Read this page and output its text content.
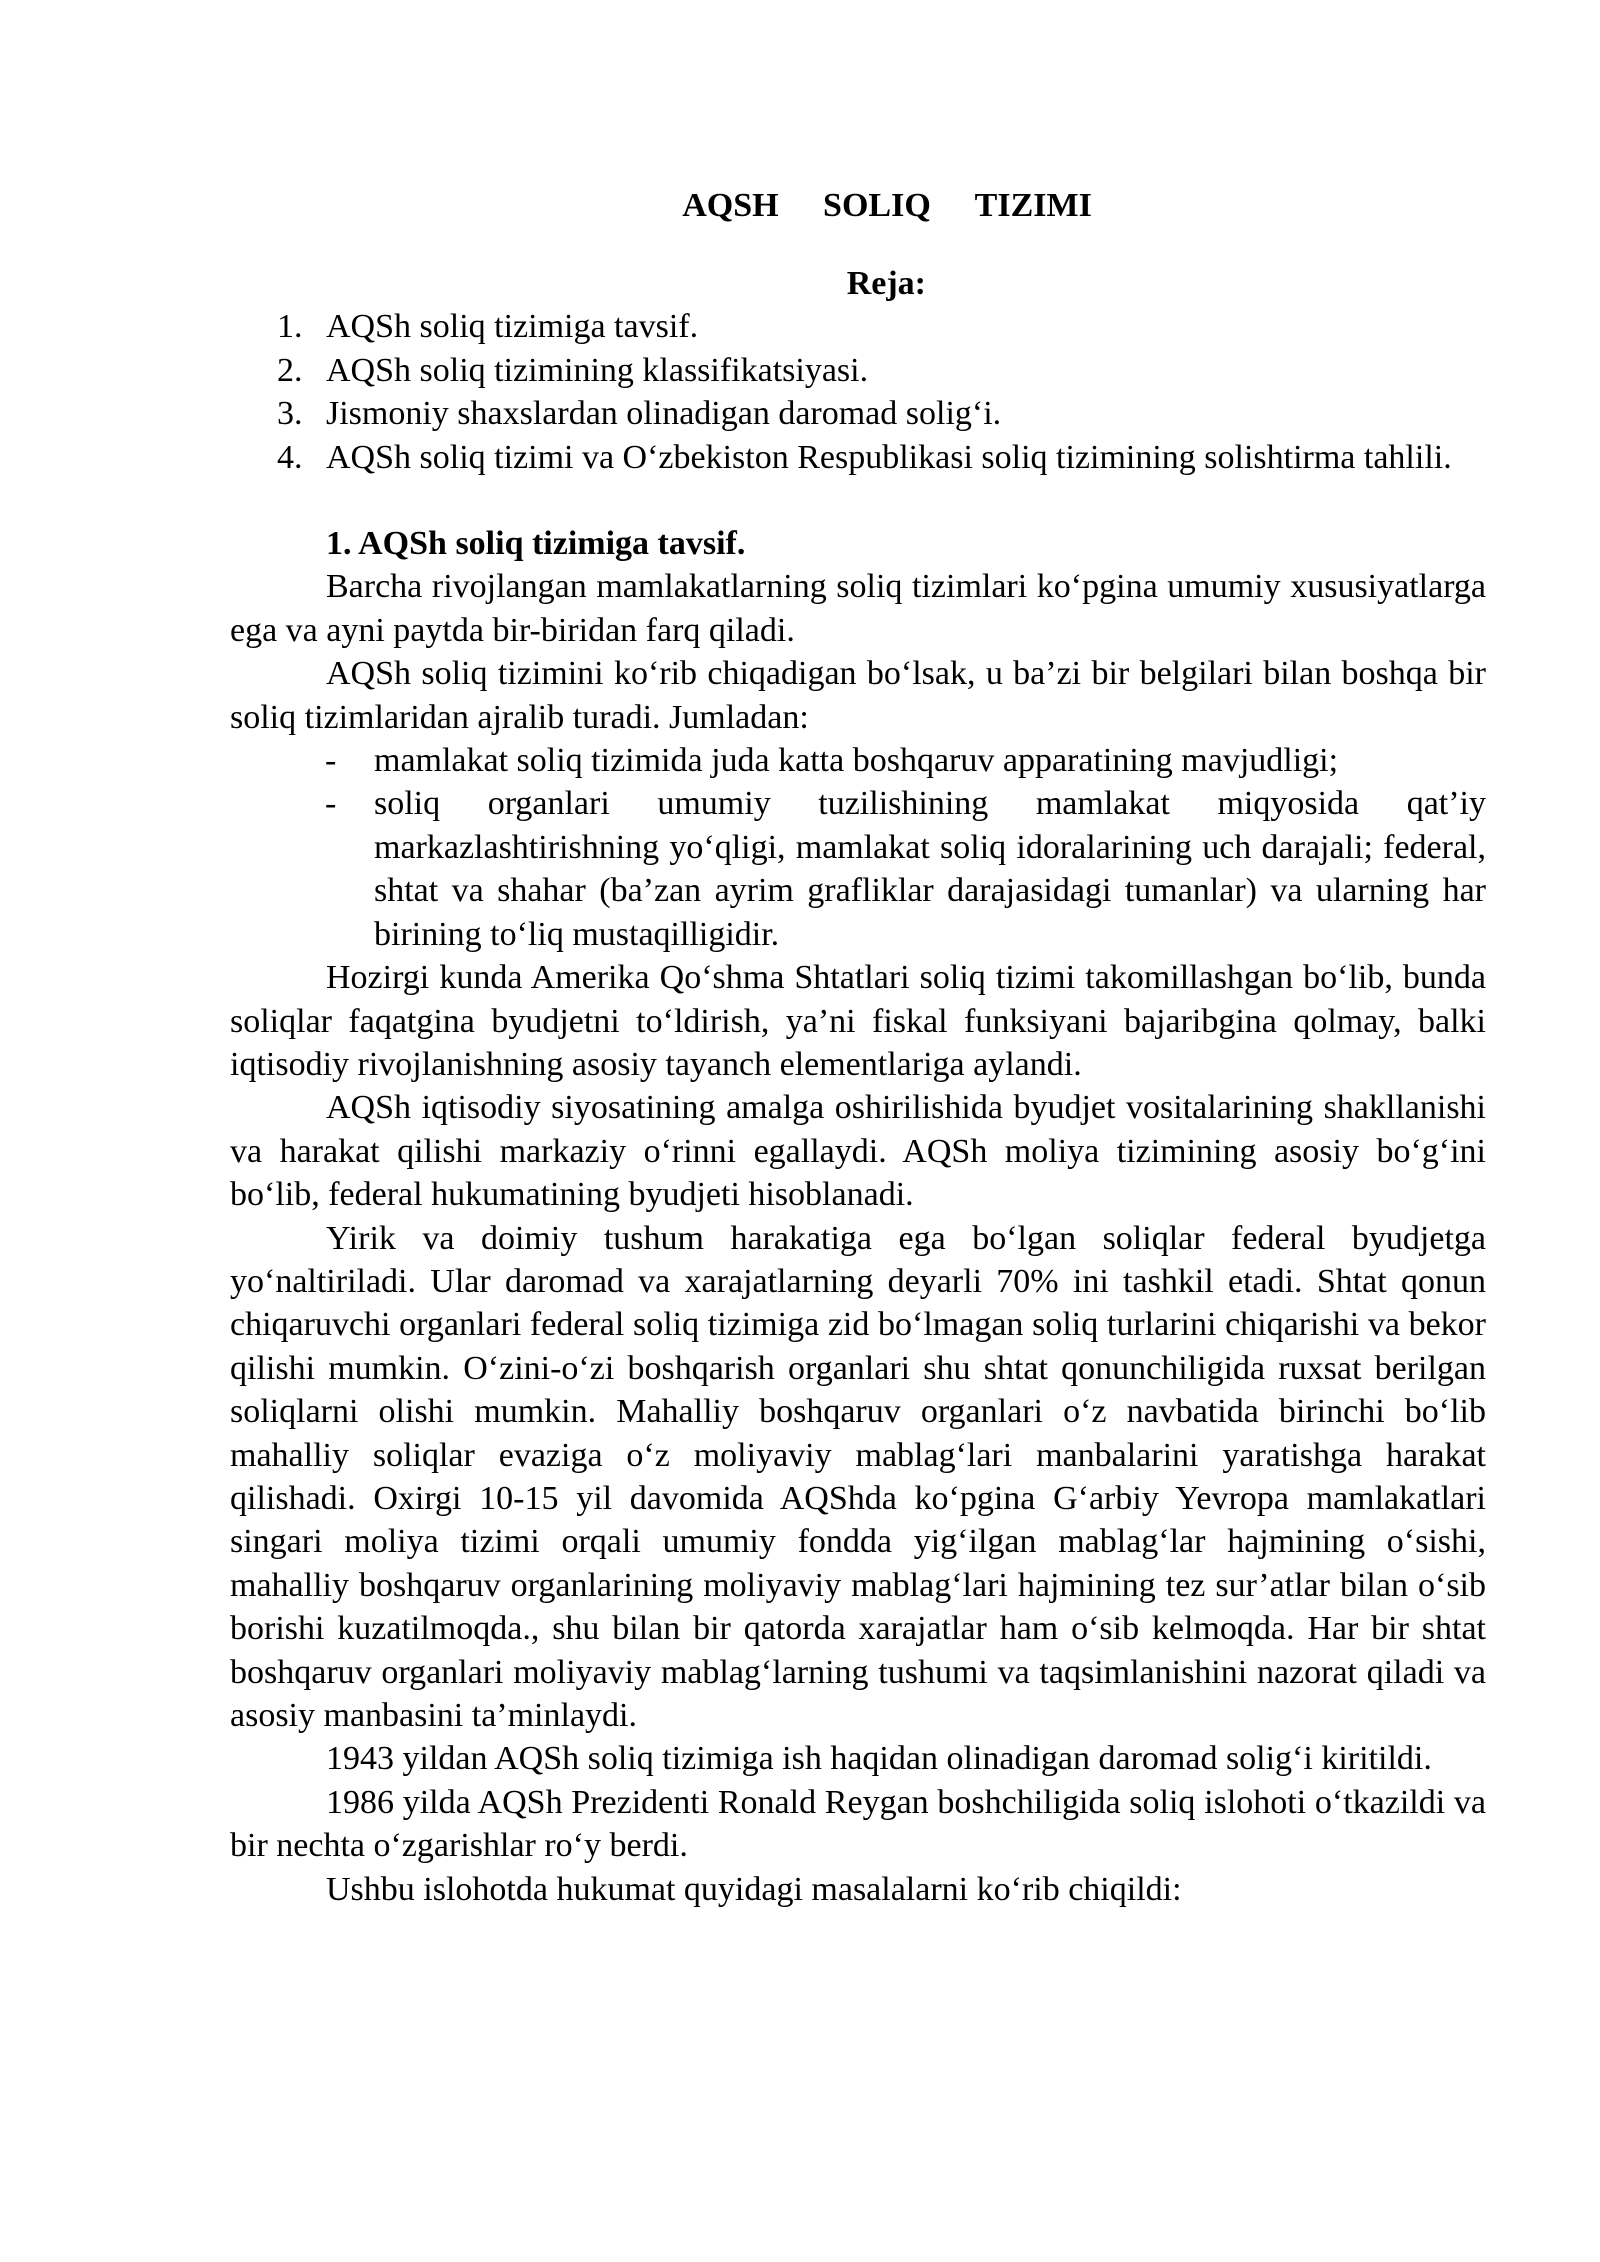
AQSH SOLIQ TIZIMI
Reja:
1. AQSh soliq tizimiga tavsif.
2. AQSh soliq tizimining klassifikatsiyasi.
3. Jismoniy shaxslardan olinadigan daromad solig‘i.
4. AQSh soliq tizimi va O‘zbekiston Respublikasi soliq tizimining solishtirma tahlili.
1. AQSh soliq tizimiga tavsif.

Barcha rivojlangan mamlakatlarning soliq tizimlari ko‘pgina umumiy xususiyatlarga ega va ayni paytda bir-biridan farq qiladi.

AQSh soliq tizimini ko‘rib chiqadigan bo‘lsak, u ba’zi bir belgilari bilan boshqa bir soliq tizimlaridan ajralib turadi. Jumladan:

- mamlakat soliq tizimida juda katta boshqaruv apparatining mavjudligi;
- soliq organlari umumiy tuzilishining mamlakat miqyosida qat’iy markazlashtirishning yo‘qligi, mamlakat soliq idoralarining uch darajali; federal, shtat va shahar (ba’zan ayrim grafliklar darajasidagi tumanlar) va ularning har birining to‘liq mustaqilligidir.

Hozirgi kunda Amerika Qo‘shma Shtatlari soliq tizimi takomillashgan bo‘lib, bunda soliqlar faqatgina byudjetni to‘ldirish, ya’ni fiskal funksiyani bajaribgina qolmay, balki iqtisodiy rivojlanishning asosiy tayanch elementlariga aylandi.

AQSh iqtisodiy siyosatining amalga oshirilishida byudjet vositalarining shakllanishi va harakat qilishi markaziy o‘rinni egallaydi. AQSh moliya tizimining asosiy bo‘g‘ini bo‘lib, federal hukumatining byudjeti hisoblanadi.

Yirik va doimiy tushum harakatiga ega bo‘lgan soliqlar federal byudjetga yo‘naltiriladi. Ular daromad va xarajatlarning deyarli 70% ini tashkil etadi. Shtat qonun chiqaruvchi organlari federal soliq tizimiga zid bo‘lmagan soliq turlarini chiqarishi va bekor qilishi mumkin. O‘zini-o‘zi boshqarish organlari shu shtat qonunchiligida ruxsat berilgan soliqlarni olishi mumkin. Mahalliy boshqaruv organlari o‘z navbatida birinchi bo‘lib mahalliy soliqlar evaziga o‘z moliyaviy mablag‘lari manbalarini yaratishga harakat qilishadi. Oxirgi 10-15 yil davomida AQShda ko‘pgina G‘arbiy Yevropa mamlakatlari singari moliya tizimi orqali umumiy fondda yig‘ilgan mablag‘lar hajmining o‘sishi, mahalliy boshqaruv organlarining moliyaviy mablag‘lari hajmining tez sur’atlar bilan o‘sib borishi kuzatilmoqda., shu bilan bir qatorda xarajatlar ham o‘sib kelmoqda. Har bir shtat boshqaruv organlari moliyaviy mablag‘larning tushumi va taqsimlanishini nazorat qiladi va asosiy manbasini ta’minlaydi.

1943 yildan AQSh soliq tizimiga ish haqidan olinadigan daromad solig‘i kiritildi.

1986 yilda AQSh Prezidenti Ronald Reygan boshchiligida soliq islohoti o‘tkazildi va bir nechta o‘zgarishlar ro‘y berdi.

Ushbu islohotda hukumat quyidagi masalalarni ko‘rib chiqildi:
